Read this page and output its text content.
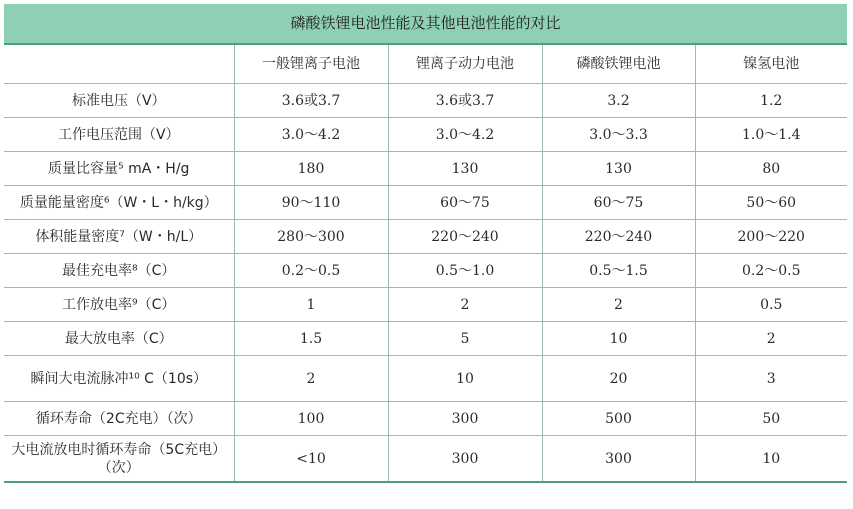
磷酸铁锂电池性能及其他电池性能的对比
	一般锂离子电池	锂离子动力电池	磷酸铁锂电池	镍氢电池
标准电压（V）	3.6或3.7	3.6或3.7	3.2	1.2
工作电压范围（V）	3.0～4.2	3.0～4.2	3.0～3.3	1.0～1.4
质量比容量⁵ mA・H/g	180	130	130	80
质量能量密度⁶（W・L・h/kg）	90～110	60～75	60～75	50～60
体积能量密度⁷（W・h/L）	280～300	220～240	220～240	200～220
最佳充电率⁸（C）	0.2～0.5	0.5～1.0	0.5～1.5	0.2～0.5
工作放电率⁹（C）	1	2	2	0.5
最大放电率（C）	1.5	5	10	2
瞬间大电流脉冲¹⁰ C（10s）	2	10	20	3
循环寿命（2C充电）（次）	100	300	500	50
大电流放电时循环寿命（5C充电）（次）	<10	300	300	10
